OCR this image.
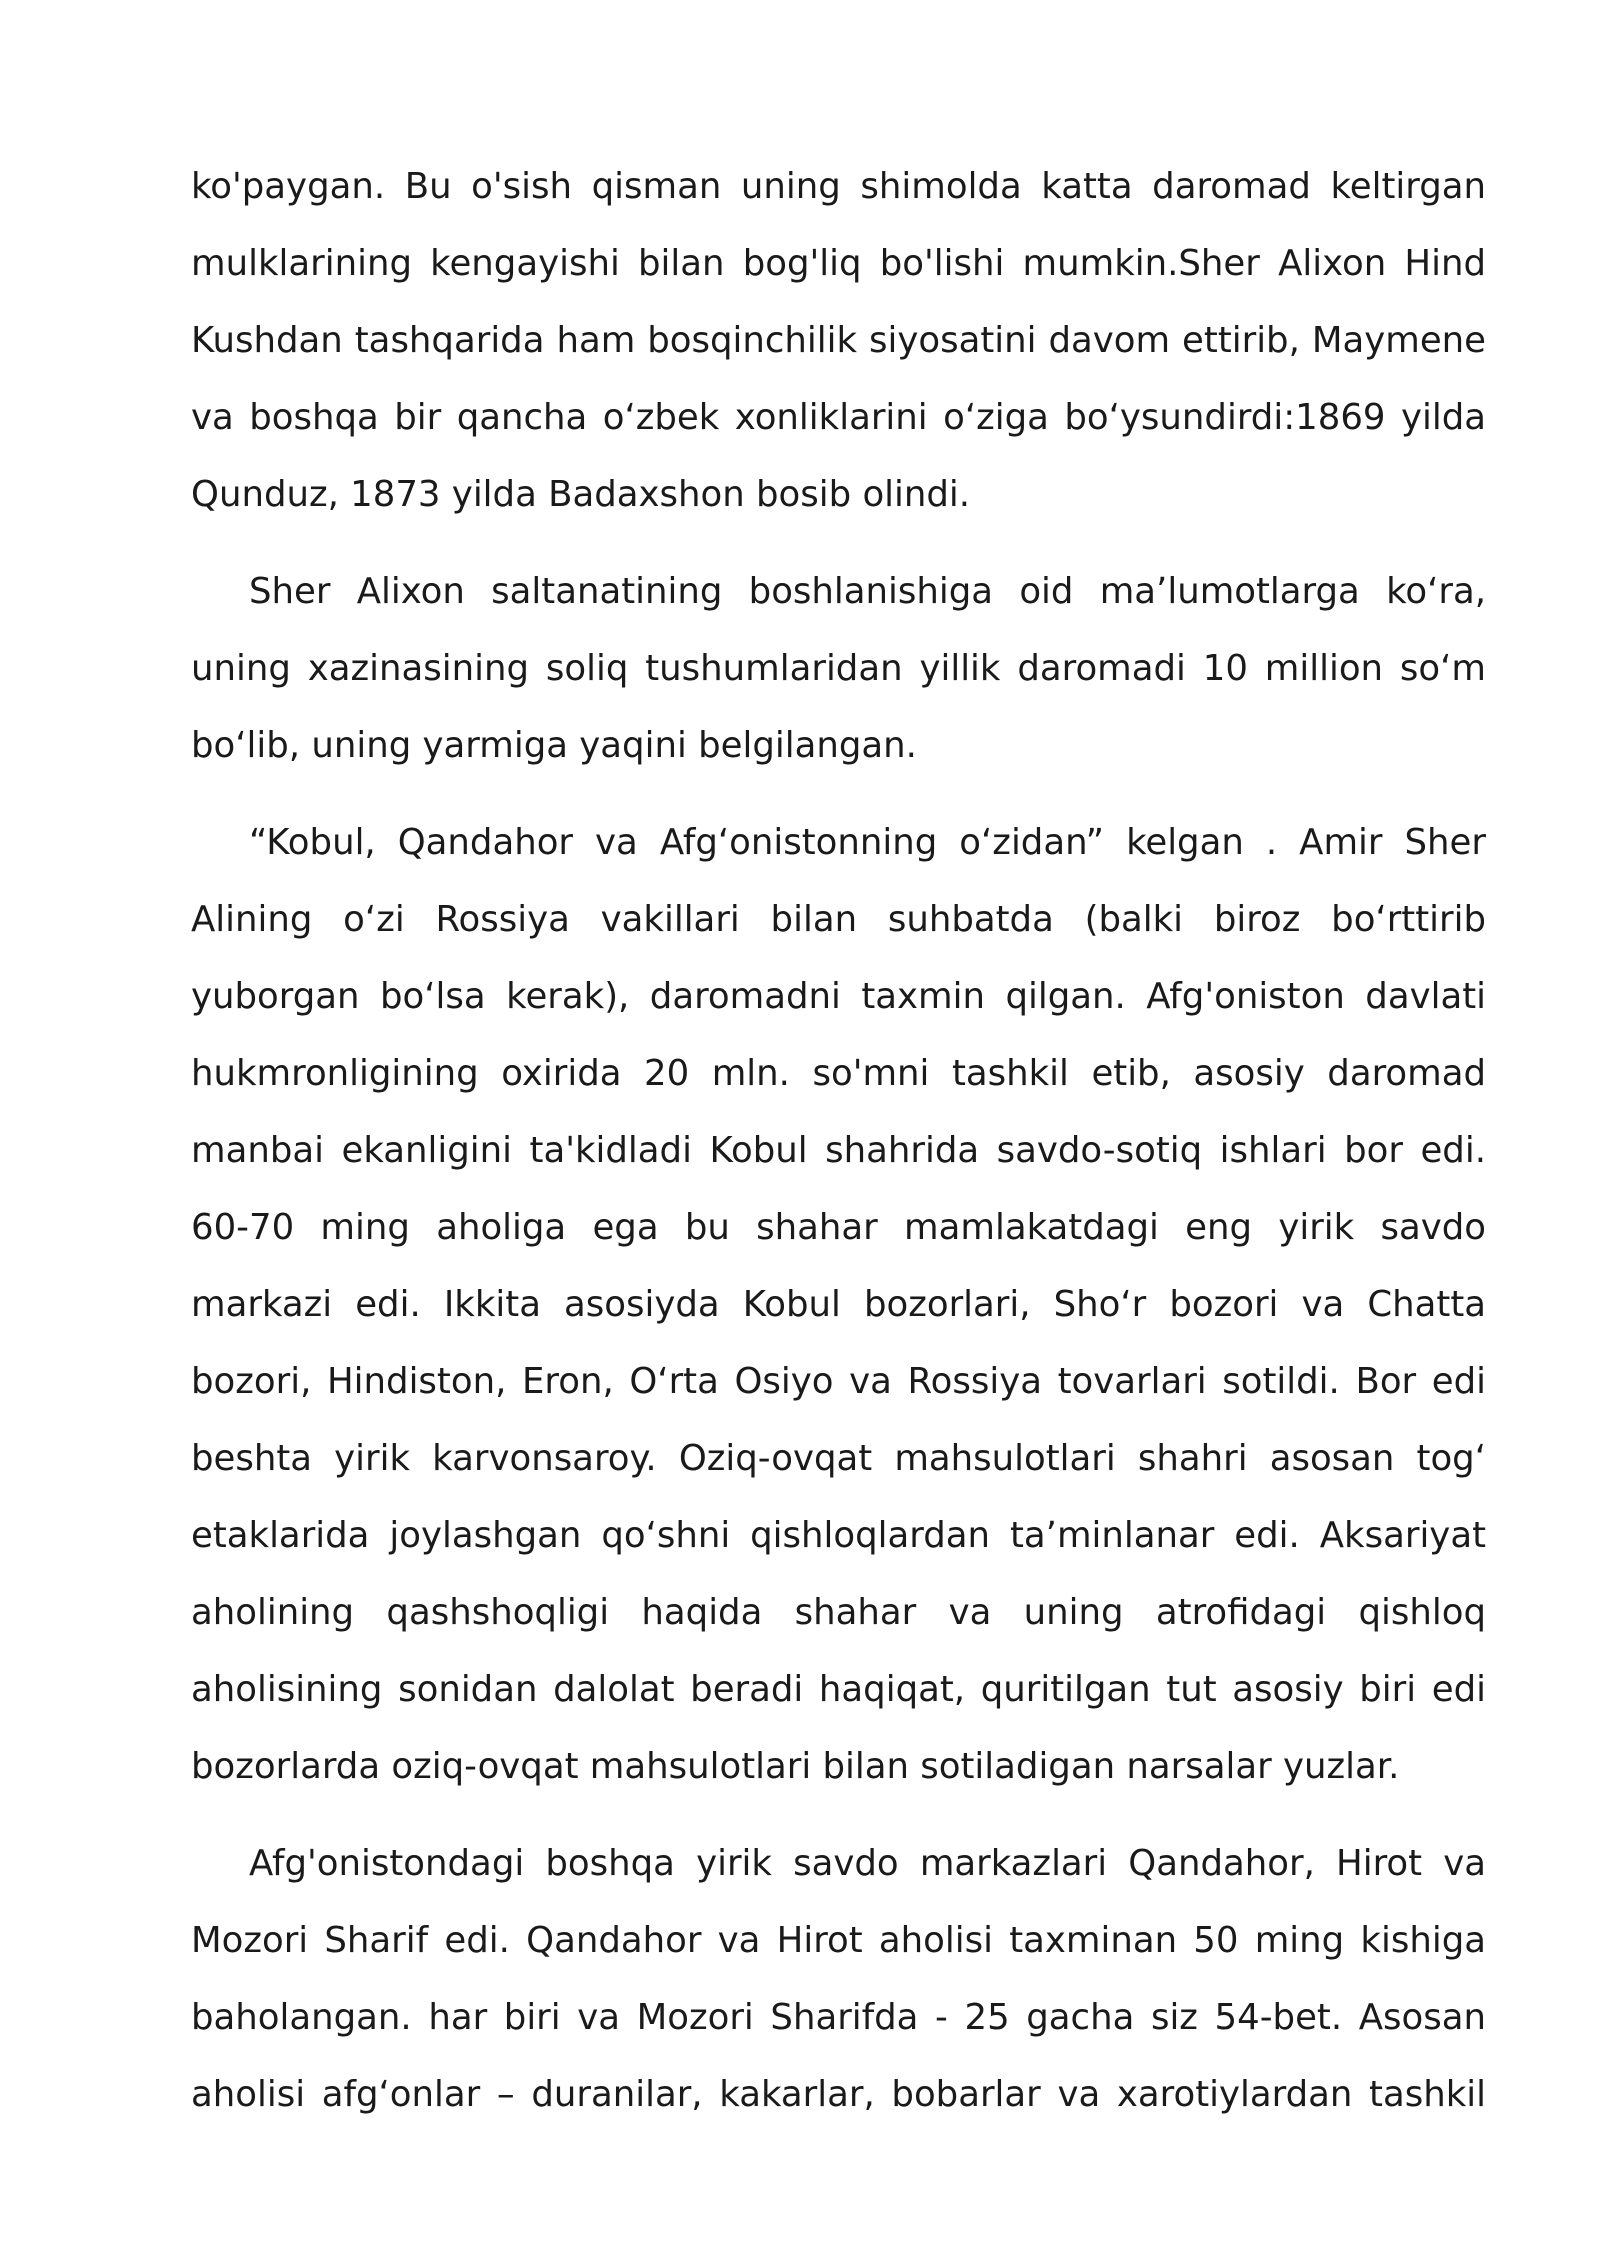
ko'paygan. Bu o'sish qisman uning shimolda katta daromad keltirgan mulklarining kengayishi bilan bog'liq bo'lishi mumkin.Sher Alixon Hind Kushdan tashqarida ham bosqinchilik siyosatini davom ettirib, Maymene va boshqa bir qancha oʻzbek xonliklarini oʻziga boʻysundirdi:1869 yilda Qunduz, 1873 yilda Badaxshon bosib olindi.

Sher Alixon saltanatining boshlanishiga oid maʼlumotlarga koʻra, uning xazinasining soliq tushumlaridan yillik daromadi 10 million soʻm boʻlib, uning yarmiga yaqini belgilangan.

“Kobul, Qandahor va Afgʻonistonning oʻzidan” kelgan . Amir Sher Alining oʻzi Rossiya vakillari bilan suhbatda (balki biroz boʻrttirib yuborgan boʻlsa kerak), daromadni taxmin qilgan. Afg'oniston davlati hukmronligining oxirida 20 mln. so'mni tashkil etib, asosiy daromad manbai ekanligini ta'kidladi Kobul shahrida savdo-sotiq ishlari bor edi. 60-70 ming aholiga ega bu shahar mamlakatdagi eng yirik savdo markazi edi. Ikkita asosiyda Kobul bozorlari, Shoʻr bozori va Chatta bozori, Hindiston, Eron, Oʻrta Osiyo va Rossiya tovarlari sotildi. Bor edi beshta yirik karvonsaroy. Oziq-ovqat mahsulotlari shahri asosan togʻ etaklarida joylashgan qoʻshni qishloqlardan taʼminlanar edi. Aksariyat aholining qashshoqligi haqida shahar va uning atrofidagi qishloq aholisining sonidan dalolat beradi haqiqat, quritilgan tut asosiy biri edi bozorlarda oziq-ovqat mahsulotlari bilan sotiladigan narsalar yuzlar.

Afg'onistondagi boshqa yirik savdo markazlari Qandahor, Hirot va Mozori Sharif edi. Qandahor va Hirot aholisi taxminan 50 ming kishiga baholangan. har biri va Mozori Sharifda - 25 gacha siz 54-bet. Asosan aholisi afgʻonlar – duranilar, kakarlar, bobarlar va xarotiylardan tashkil
